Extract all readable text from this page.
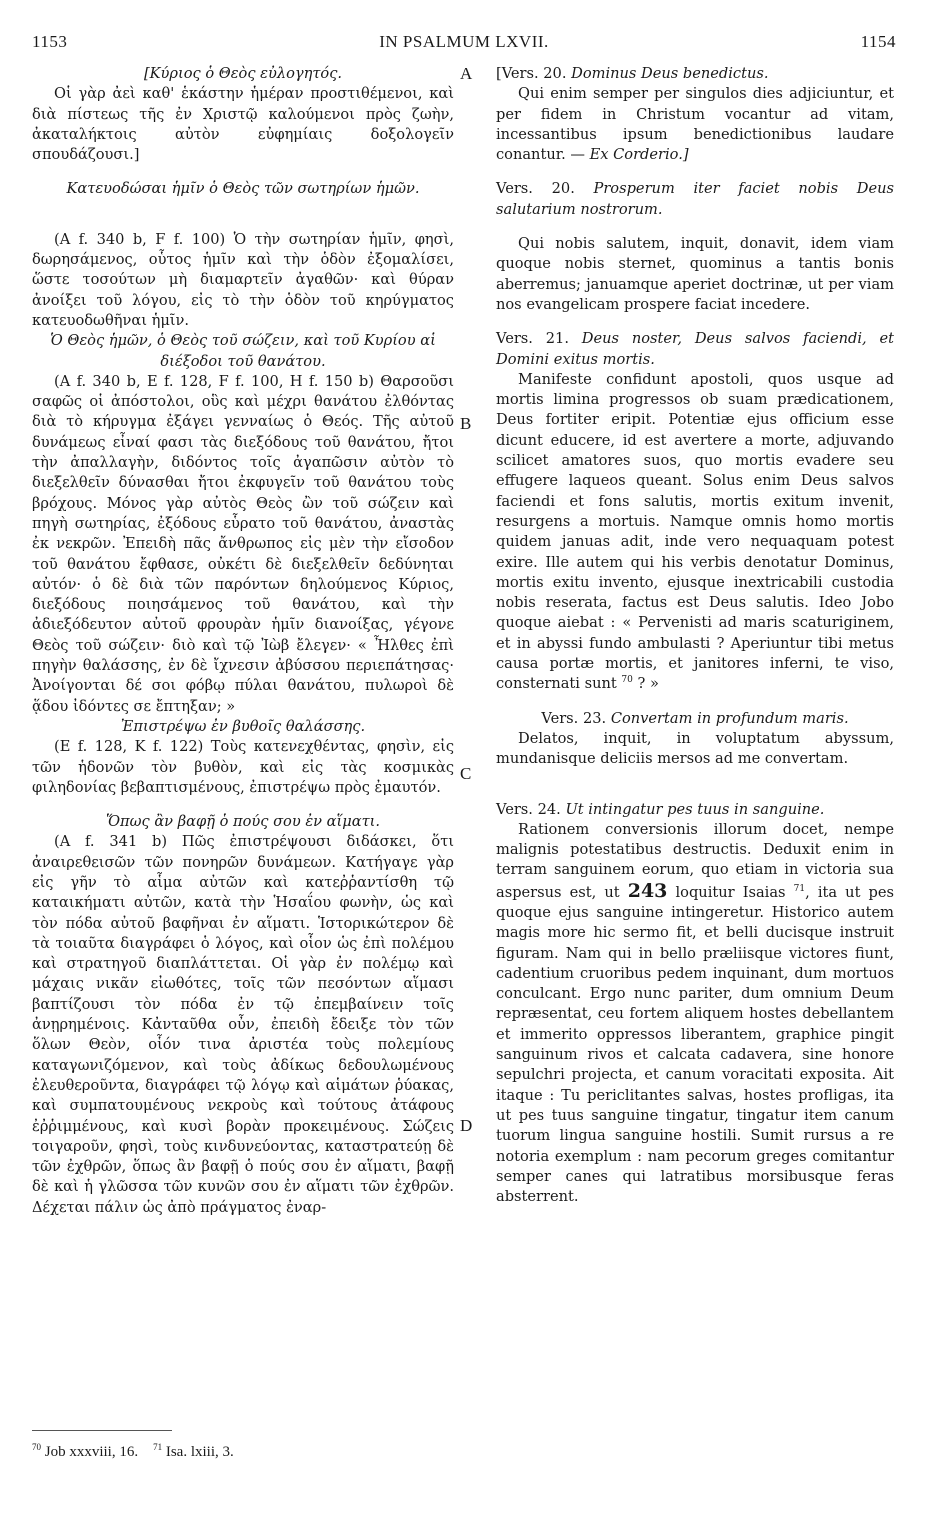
1153	IN PSALMUM LXVII.	1154

[Κύριος ὁ Θεὸς εὐλογητός.

Οἱ γὰρ ἀεὶ καθ' ἑκάστην ἡμέραν προστιθέμενοι, καὶ διὰ πίστεως τῆς ἐν Χριστῷ καλούμενοι πρὸς ζωὴν, ἀκαταλήκτοις αὐτὸν εὐφημίαις δοξολογεῖν σπουδάζουσι.]

Κατευοδώσαι ἡμῖν ὁ Θεὸς τῶν σωτηρίων ἡμῶν.

(A f. 340 b, F f. 100) Ὁ τὴν σωτηρίαν ἡμῖν, φησὶ, δωρησάμενος, οὗτος ἡμῖν καὶ τὴν ὁδὸν ἐξομαλίσει, ὥστε τοσούτων μὴ διαμαρτεῖν ἀγαθῶν· καὶ θύραν ἀνοίξει τοῦ λόγου, εἰς τὸ τὴν ὁδὸν τοῦ κηρύγματος κατευοδωθῆναι ἡμῖν.

Ὁ Θεὸς ἡμῶν, ὁ Θεὸς τοῦ σώζειν, καὶ τοῦ Κυρίου αἱ διέξοδοι τοῦ θανάτου.

(A f. 340 b, E f. 128, F f. 100, H f. 150 b) Θαρσοῦσι σαφῶς οἱ ἀπόστολοι, οὓς καὶ μέχρι θανάτου ἐλθόντας διὰ τὸ κήρυγμα ἐξάγει γενναίως ὁ Θεός. Τῆς αὐτοῦ δυνάμεως εἶναί φασι τὰς διεξόδους τοῦ θανάτου, ἤτοι τὴν ἀπαλλαγὴν, διδόντος τοῖς ἀγαπῶσιν αὐτὸν τὸ διεξελθεῖν δύνασθαι ἤτοι ἐκφυγεῖν τοῦ θανάτου τοὺς βρόχους. Μόνος γὰρ αὐτὸς Θεὸς ὢν τοῦ σώζειν καὶ πηγὴ σωτηρίας, ἐξόδους εὗρατο τοῦ θανάτου, ἀναστὰς ἐκ νεκρῶν. Ἐπειδὴ πᾶς ἄνθρωπος εἰς μὲν τὴν εἴσοδον τοῦ θανάτου ἔφθασε, οὐκέτι δὲ διεξελθεῖν δεδύνηται αὐτόν· ὁ δὲ διὰ τῶν παρόντων δηλούμενος Κύριος, διεξόδους ποιησάμενος τοῦ θανάτου, καὶ τὴν ἀδιεξόδευτον αὐτοῦ φρουρὰν ἡμῖν διανοίξας, γέγονε Θεὸς τοῦ σώζειν· διὸ καὶ τῷ Ἰὼβ ἔλεγεν· « Ἦλθες ἐπὶ πηγὴν θαλάσσης, ἐν δὲ ἴχνεσιν ἀβύσσου περιεπάτησας· Ἀνοίγονται δέ σοι φόβῳ πύλαι θανάτου, πυλωροὶ δὲ ᾅδου ἰδόντες σε ἔπτηξαν; »

Ἐπιστρέψω ἐν βυθοῖς θαλάσσης.

(E f. 128, K f. 122) Τοὺς κατενεχθέντας, φησὶν, εἰς τῶν ἡδονῶν τὸν βυθὸν, καὶ εἰς τὰς κοσμικὰς φιληδονίας βεβαπτισμένους, ἐπιστρέψω πρὸς ἐμαυτόν.

Ὅπως ἂν βαφῇ ὁ πούς σου ἐν αἵματι.

(A f. 341 b) Πῶς ἐπιστρέψουσι διδάσκει, ὅτι ἀναιρεθεισῶν τῶν πονηρῶν δυνάμεων. Κατήγαγε γὰρ εἰς γῆν τὸ αἷμα αὐτῶν καὶ κατεῤῥαντίσθη τῷ καταικήματι αὐτῶν, κατὰ τὴν Ἡσαΐου φωνὴν, ὡς καὶ τὸν πόδα αὐτοῦ βαφῆναι ἐν αἵματι. Ἱστορικώτερον δὲ τὰ τοιαῦτα διαγράφει ὁ λόγος, καὶ οἷον ὡς ἐπὶ πολέμου καὶ στρατηγοῦ διαπλάττεται. Οἱ γὰρ ἐν πολέμῳ καὶ μάχαις νικᾶν εἰωθότες, τοῖς τῶν πεσόντων αἵμασι βαπτίζουσι τὸν πόδα ἐν τῷ ἐπεμβαίνειν τοῖς ἀνῃρημένοις. Κἀνταῦθα οὖν, ἐπειδὴ ἔδειξε τὸν τῶν ὅλων Θεὸν, οἷόν τινα ἀριστέα τοὺς πολεμίους καταγωνιζόμενον, καὶ τοὺς ἀδίκως δεδουλωμένους ἐλευθεροῦντα, διαγράφει τῷ λόγῳ καὶ αἱμάτων ῥύακας, καὶ συμπατουμένους νεκροὺς καὶ τούτους ἀτάφους ἐῤῥιμμένους, καὶ κυσὶ βορὰν προκειμένους. Σώζεις τοιγαροῦν, φησὶ, τοὺς κινδυνεύοντας, καταστρατεύῃ δὲ τῶν ἐχθρῶν, ὅπως ἂν βαφῇ ὁ πούς σου ἐν αἵματι, βαφῇ δὲ καὶ ἡ γλῶσσα τῶν κυνῶν σου ἐν αἵματι τῶν ἐχθρῶν. Δέχεται πάλιν ὡς ἀπὸ πράγματος ἐναρ-

A
B
C
D

[Vers. 20. Dominus Deus benedictus.

Qui enim semper per singulos dies adjiciuntur, et per fidem in Christum vocantur ad vitam, incessantibus ipsum benedictionibus laudare conantur. — Ex Corderio.]

Vers. 20. Prosperum iter faciet nobis Deus salutarium nostrorum.

Qui nobis salutem, inquit, donavit, idem viam quoque nobis sternet, quominus a tantis bonis aberremus; januamque aperiet doctrinæ, ut per viam nos evangelicam prospere faciat incedere.

Vers. 21. Deus noster, Deus salvos faciendi, et Domini exitus mortis.

Manifeste confidunt apostoli, quos usque ad mortis limina progressos ob suam prædicationem, Deus fortiter eripit. Potentiæ ejus officium esse dicunt educere, id est avertere a morte, adjuvando scilicet amatores suos, quo mortis evadere seu effugere laqueos queant. Solus enim Deus salvos faciendi et fons salutis, mortis exitum invenit, resurgens a mortuis. Namque omnis homo mortis quidem januas adit, inde vero nequaquam potest exire. Ille autem qui his verbis denotatur Dominus, mortis exitu invento, ejusque inextricabili custodia nobis reserata, factus est Deus salutis. Ideo Jobo quoque aiebat : « Pervenisti ad maris scaturiginem, et in abyssi fundo ambulasti ? Aperiuntur tibi metus causa portæ mortis, et janitores inferni, te viso, consternati sunt $^{70}$ ? »

Vers. 23. Convertam in profundum maris.

Delatos, inquit, in voluptatum abyssum, mundanisque deliciis mersos ad me convertam.

Vers. 24. Ut intingatur pes tuus in sanguine.

Rationem conversionis illorum docet, nempe malignis potestatibus destructis. Deduxit enim in terram sanguinem eorum, quo etiam in victoria sua aspersus est, ut 243 loquitur Isaias $^{71}$, ita ut pes quoque ejus sanguine intingeretur. Historico autem magis more hic sermo fit, et belli ducisque instruit figuram. Nam qui in bello præliisque victores fiunt, cadentium cruoribus pedem inquinant, dum mortuos conculcant. Ergo nunc pariter, dum omnium Deum repræsentat, ceu fortem aliquem hostes debellantem et immerito oppressos liberantem, graphice pingit sanguinum rivos et calcata cadavera, sine honore sepulchri projecta, et canum voracitati exposita. Ait itaque : Tu periclitantes salvas, hostes profligas, ita ut pes tuus sanguine tingatur, tingatur item canum tuorum lingua sanguine hostili. Sumit rursus a re notoria exemplum : nam pecorum greges comitantur semper canes qui latratibus morsibusque feras absterrent.

$^{70}$ Job xxxviii, 16. $^{71}$ Isa. lxiii, 3.
